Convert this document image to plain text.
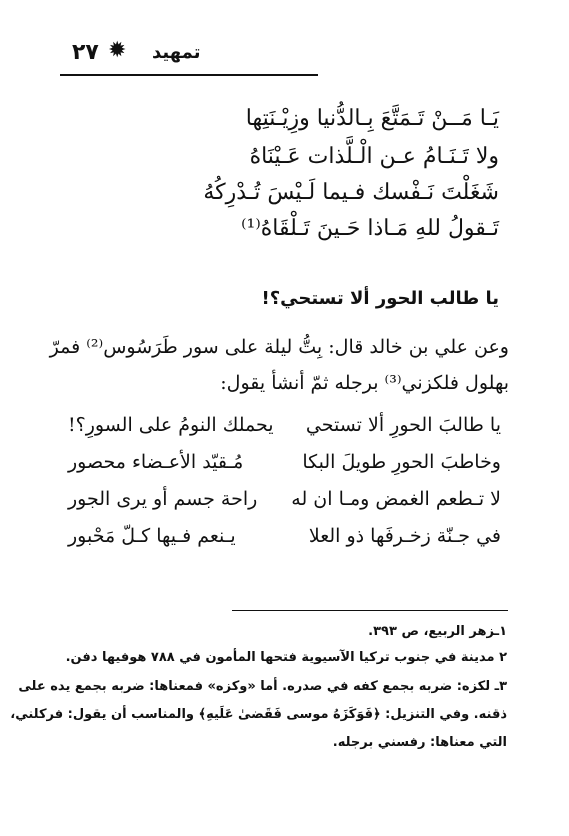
٢٧ ✹ تمهيد
يَـا مَــنْ تَـمَتَّعَ بِـالدُّنيا وزِيْـنَتِها
ولا تَـنَـامُ عـن الْـلَّذات عَـيْنَاهُ
شَغَلْتَ نَـفْسك فـيما لَـيْسَ تُـدْرِكُهُ
تَـقولُ للهِ مَـاذا حَـينَ تَـلْقَاهُ⁽¹⁾
يا طالب الحور ألا تستحي؟!
وعن علي بن خالد قال: بِتُّ ليلة على سور طَرَسُوس⁽²⁾ فمرّ
بهلول فلكزني⁽³⁾ برجله ثمّ أنشأ يقول:
يا طالبَ الحورِ ألا تستحي
يحملك النومُ على السورِ؟!
وخاطبَ الحورِ طويلَ البكا
مُـقيّد الأعـضاء محصور
لا تـطعم الغمض ومـا ان له
راحة جسم أو يرى الجور
في جـنّة زخـرفَها ذو العلا
يـنعم فـيها كـلّ مَحْبور
١ـزهر الربيع، ص ٣٩٣.
٢ مدينة في جنوب تركيا الآسيوية فتحها المأمون في ٧٨٨ هوفيها دفن.
٣ـ لكزه: ضربه بجمع كفه في صدره. أما «وكزه» فمعناها: ضربه بجمع يده على
ذقنه. وفي التنزيل: ﴿فَوَكَزَهُ موسى فَقَضىٰ عَلَيهِ﴾ والمناسب أن يقول: فركلني،
التي معناها: رفسني برجله.
